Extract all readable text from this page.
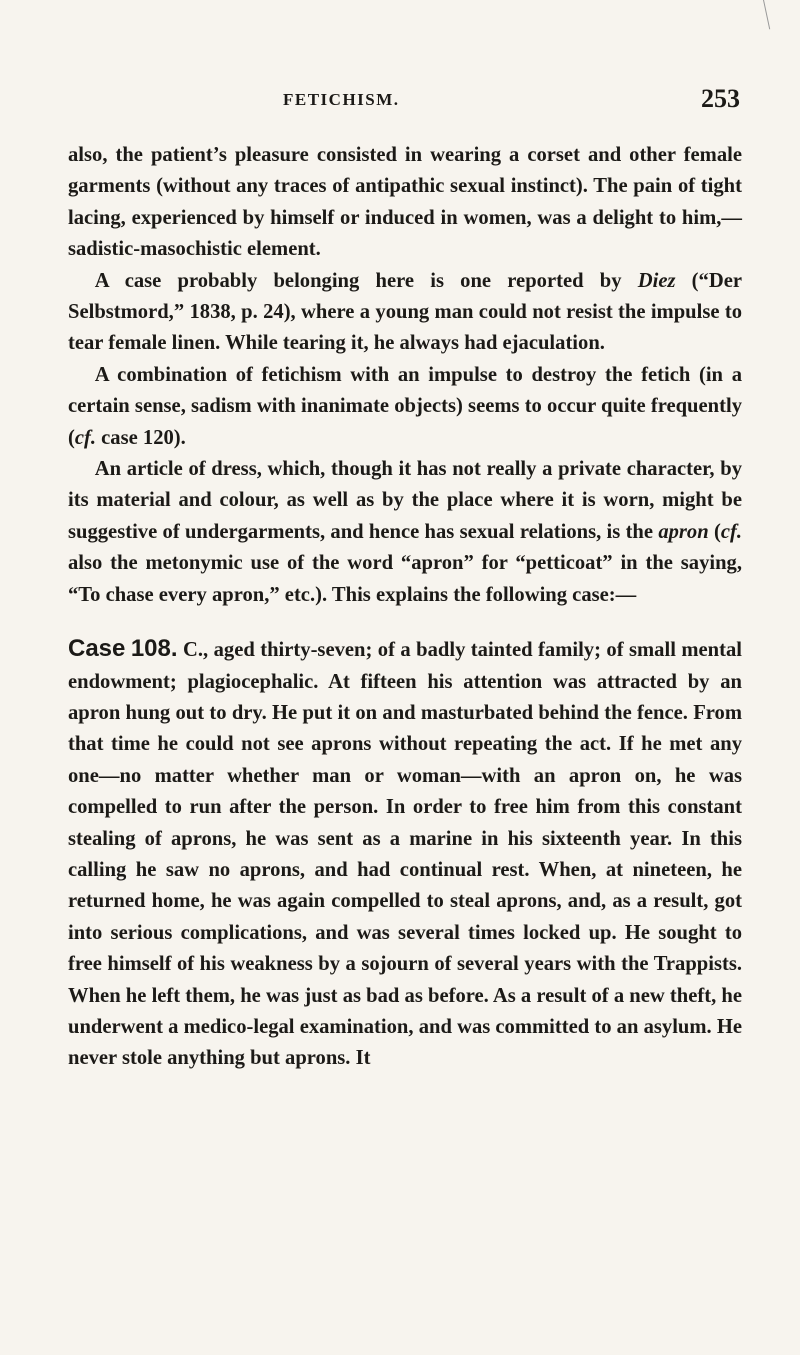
FETICHISM.	253

also, the patient’s pleasure consisted in wearing a corset and other female garments (without any traces of antipathic sexual instinct). The pain of tight lacing, experienced by himself or induced in women, was a delight to him,—sadistic-masochistic element.

A case probably belonging here is one reported by Diez (“Der Selbstmord,” 1838, p. 24), where a young man could not resist the impulse to tear female linen. While tearing it, he always had ejaculation.

A combination of fetichism with an impulse to destroy the fetich (in a certain sense, sadism with inanimate objects) seems to occur quite frequently (cf. case 120).

An article of dress, which, though it has not really a private character, by its material and colour, as well as by the place where it is worn, might be suggestive of undergarments, and hence has sexual relations, is the apron (cf. also the metonymic use of the word “apron” for “petticoat” in the saying, “To chase every apron,” etc.). This explains the following case:—

Case 108. C., aged thirty-seven; of a badly tainted family; of small mental endowment; plagiocephalic. At fifteen his attention was attracted by an apron hung out to dry. He put it on and masturbated behind the fence. From that time he could not see aprons without repeating the act. If he met any one—no matter whether man or woman—with an apron on, he was compelled to run after the person. In order to free him from this constant stealing of aprons, he was sent as a marine in his sixteenth year. In this calling he saw no aprons, and had continual rest. When, at nineteen, he returned home, he was again compelled to steal aprons, and, as a result, got into serious complications, and was several times locked up. He sought to free himself of his weakness by a sojourn of several years with the Trappists. When he left them, he was just as bad as before. As a result of a new theft, he underwent a medico-legal examination, and was committed to an asylum. He never stole anything but aprons. It
